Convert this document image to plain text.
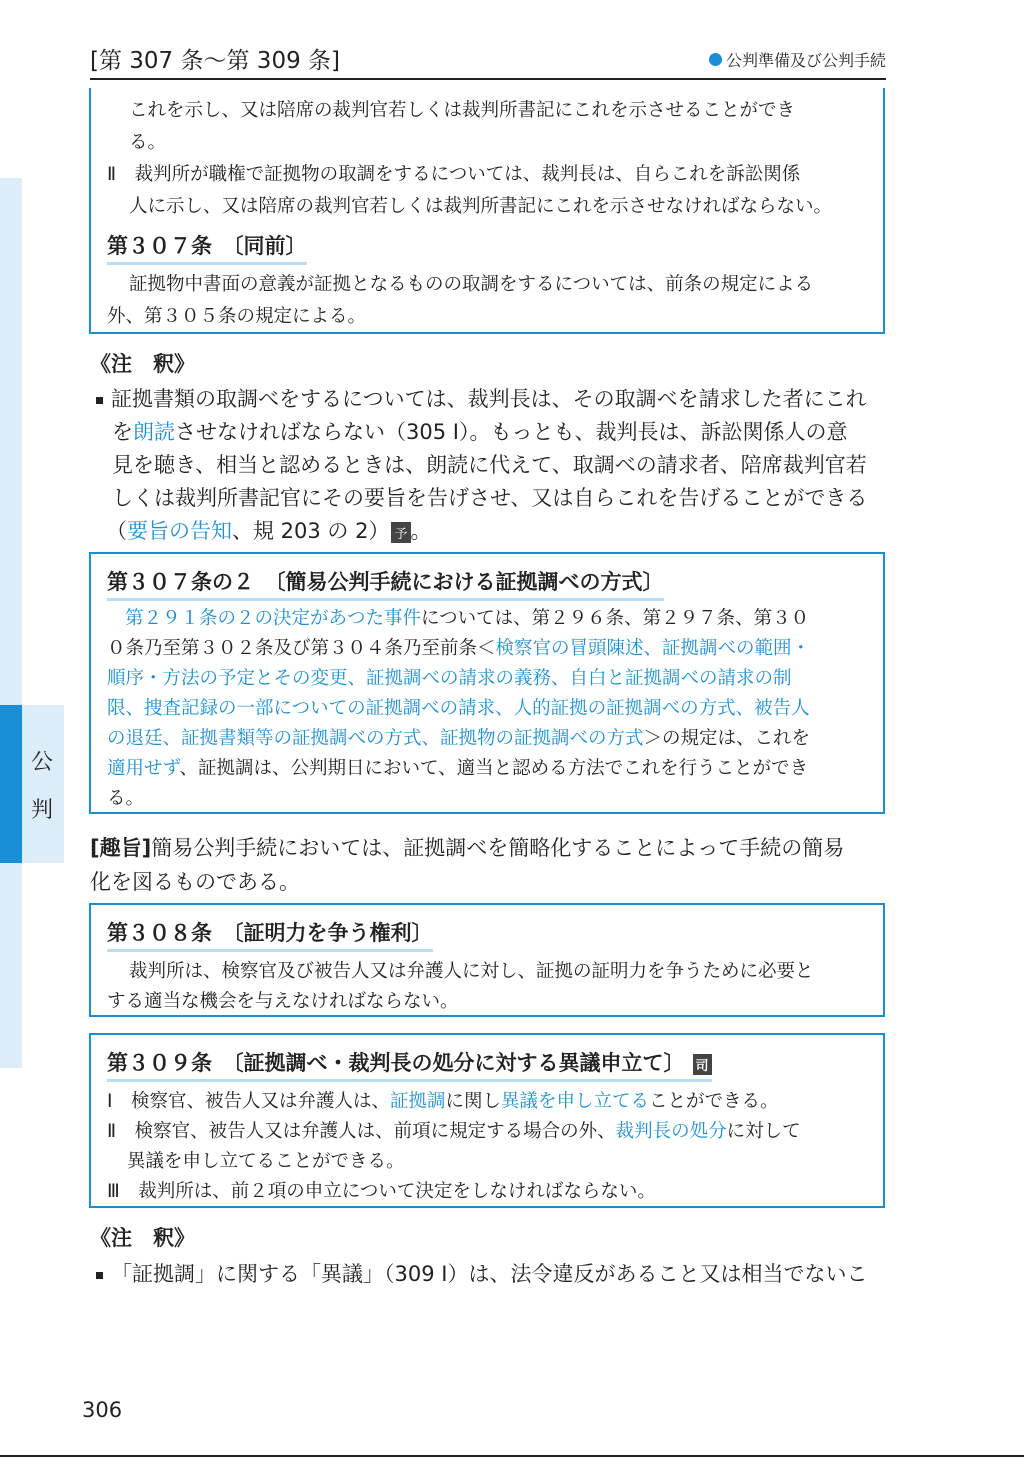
[第 307 条〜第 309 条]	公判準備及び公判手続
公
判
これを示し、又は陪席の裁判官若しくは裁判所書記にこれを示させることができ
る。
Ⅱ　裁判所が職権で証拠物の取調をするについては、裁判長は、自らこれを訴訟関係
人に示し、又は陪席の裁判官若しくは裁判所書記にこれを示させなければならない。
第３０７条　〔同前〕
証拠物中書面の意義が証拠となるものの取調をするについては、前条の規定による
外、第３０５条の規定による。
《注　釈》
証拠書類の取調べをするについては、裁判長は、その取調べを請求した者にこれ
を朗読させなければならない（305 Ⅰ）。もっとも、裁判長は、訴訟関係人の意
見を聴き、相当と認めるときは、朗読に代えて、取調べの請求者、陪席裁判官若
しくは裁判所書記官にその要旨を告げさせ、又は自らこれを告げることができる
（要旨の告知、規 203 の 2） 予 。
第３０７条の２　〔簡易公判手続における証拠調べの方式〕
第２９１条の２の決定があつた事件については、第２９６条、第２９７条、第３０
０条乃至第３０２条及び第３０４条乃至前条＜検察官の冒頭陳述、証拠調べの範囲・
順序・方法の予定とその変更、証拠調べの請求の義務、自白と証拠調べの請求の制
限、捜査記録の一部についての証拠調べの請求、人的証拠の証拠調べの方式、被告人
の退廷、証拠書類等の証拠調べの方式、証拠物の証拠調べの方式＞の規定は、これを
適用せず、証拠調は、公判期日において、適当と認める方法でこれを行うことができ
る。
[趣旨]簡易公判手続においては、証拠調べを簡略化することによって手続の簡易
化を図るものである。
第３０８条　〔証明力を争う権利〕
裁判所は、検察官及び被告人又は弁護人に対し、証拠の証明力を争うために必要と
する適当な機会を与えなければならない。
第３０９条　〔証拠調べ・裁判長の処分に対する異議申立て〕 司
Ⅰ　検察官、被告人又は弁護人は、証拠調に関し異議を申し立てることができる。
Ⅱ　検察官、被告人又は弁護人は、前項に規定する場合の外、裁判長の処分に対して
異議を申し立てることができる。
Ⅲ　裁判所は、前２項の申立について決定をしなければならない。
《注　釈》
「証拠調」に関する「異議」（309 Ⅰ）は、法令違反があること又は相当でないこ
306
